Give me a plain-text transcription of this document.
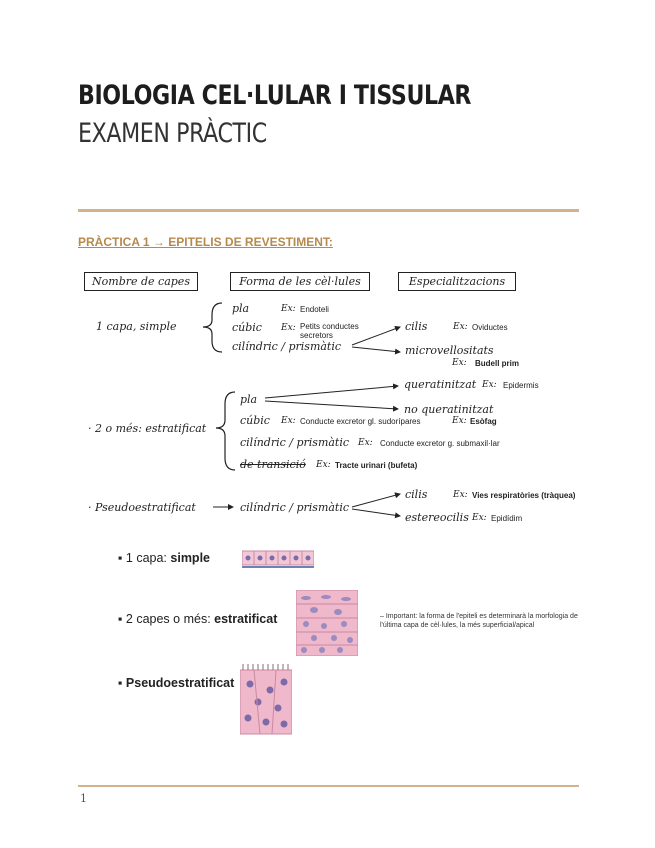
BIOLOGIA CEL·LULAR I TISSULAR
EXAMEN PRÀCTIC
PRÀCTICA 1 → EPITELIS DE REVESTIMENT:
Nombre de capes	Forma de les cèl·lules	Especialitzacions
1 capa, simple
pla	Ex: Endoteli
cúbic Ex: Petits conductes
secretors
cilíndric / prismàtic
cilis	Ex: Oviductes
microvellositats
Ex: Budell prim
· 2 o més: estratificat
pla
queratinitzat Ex: Epidermis
no queratinitzat
Ex: Esòfag
cúbic Ex: Conducte excretor gl. sudorípares
cilíndric / prismàtic Ex: Conducte excretor g. submaxil·lar
de transició Ex: Tracte urinari (bufeta)
· Pseudoestratificat	cilíndric / prismàtic
cilis	Ex: Vies respiratòries (tràquea)
estereocilis Ex: Epidídim
▪ 1 capa: simple
▪ 2 capes o més: estratificat
▪ Pseudoestratificat
– Important: la forma de l'epiteli es determinarà la morfologia de l'última capa de cèl·lules, la més superficial/apical
1
